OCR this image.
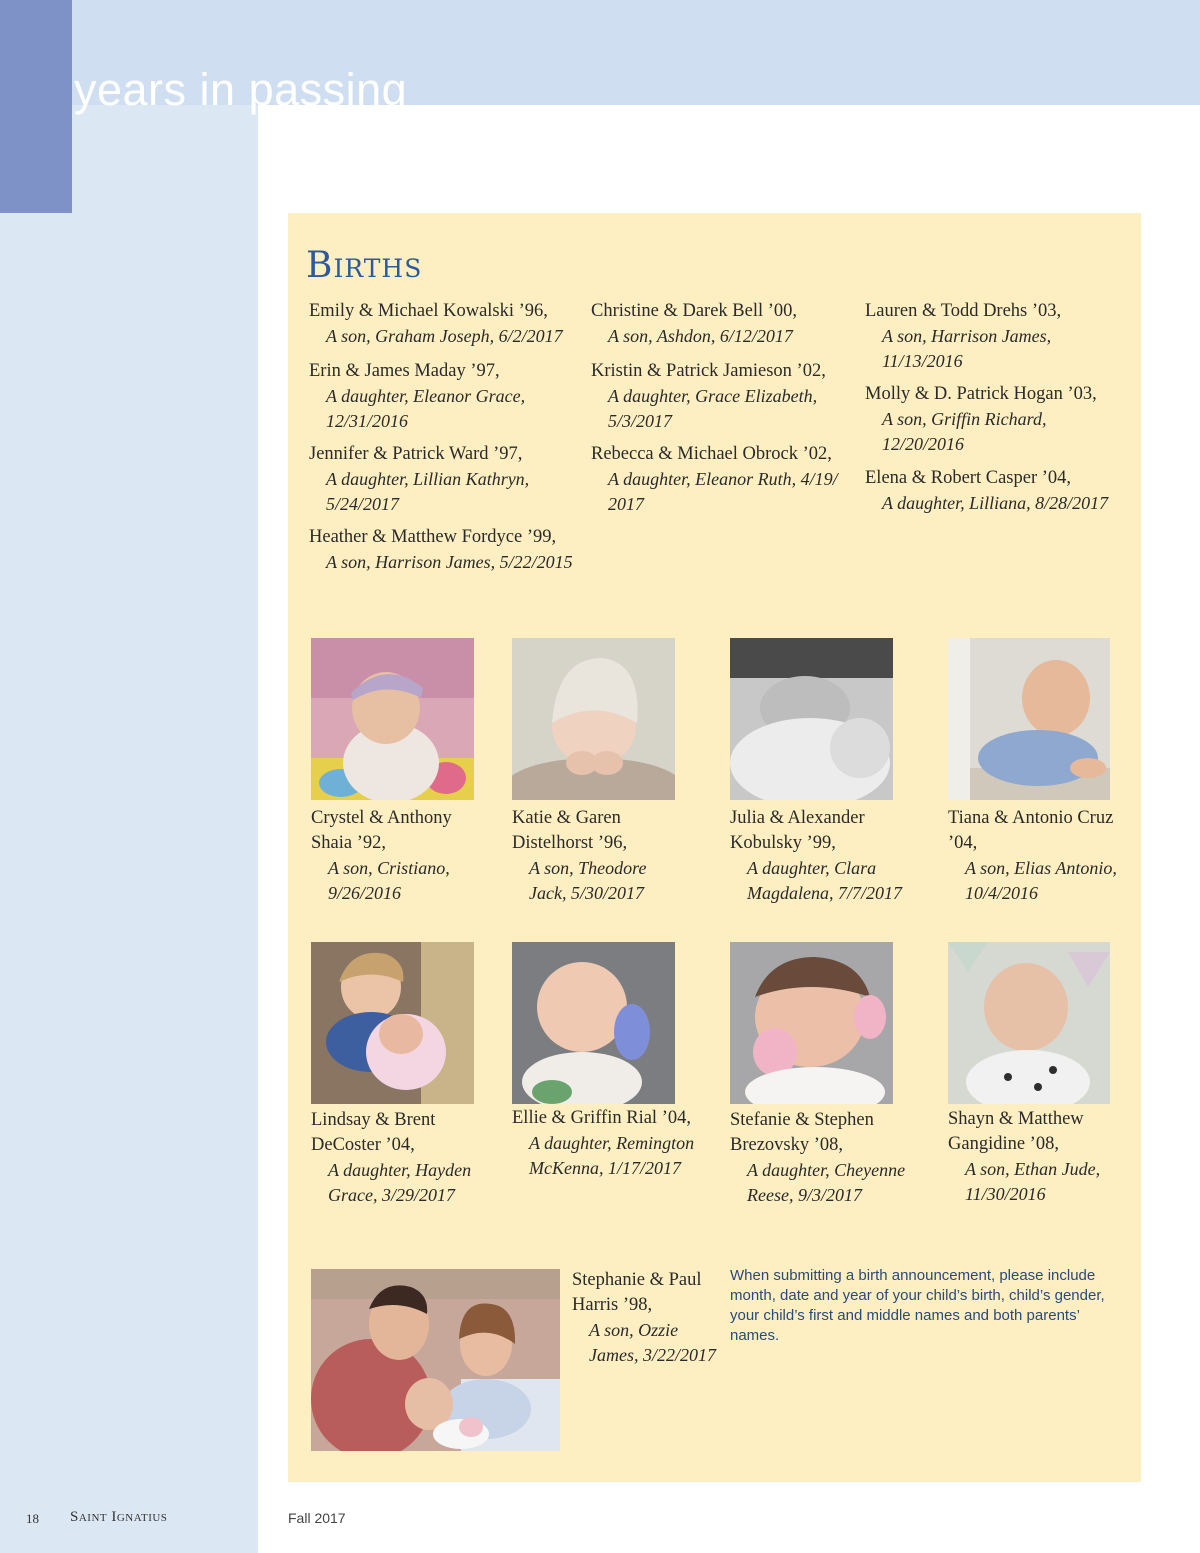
years in passing
Births
Emily & Michael Kowalski ’96,
A son, Graham Joseph, 6/2/2017
Erin & James Maday ’97,
A daughter, Eleanor Grace, 12/31/2016
Jennifer & Patrick Ward ’97,
A daughter, Lillian Kathryn, 5/24/2017
Heather & Matthew Fordyce ’99,
A son, Harrison James, 5/22/2015
Christine & Darek Bell ’00,
A son, Ashdon, 6/12/2017
Kristin & Patrick Jamieson ’02,
A daughter, Grace Elizabeth, 5/3/2017
Rebecca & Michael Obrock ’02,
A daughter, Eleanor Ruth, 4/19/ 2017
Lauren & Todd Drehs ’03,
A son, Harrison James, 11/13/2016
Molly & D. Patrick Hogan ’03,
A son, Griffin Richard, 12/20/2016
Elena & Robert Casper ’04,
A daughter, Lilliana, 8/28/2017
Crystel & Anthony Shaia ’92,
A son, Cristiano, 9/26/2016
Katie & Garen Distelhorst ’96,
A son, Theodore Jack, 5/30/2017
Julia & Alexander Kobulsky ’99,
A daughter, Clara Magdalena, 7/7/2017
Tiana & Antonio Cruz ’04,
A son, Elias Antonio, 10/4/2016
Lindsay & Brent DeCoster ’04,
A daughter, Hayden Grace, 3/29/2017
Ellie & Griffin Rial ’04,
A daughter, Remington McKenna, 1/17/2017
Stefanie & Stephen Brezovsky ’08,
A daughter, Cheyenne Reese, 9/3/2017
Shayn & Matthew Gangidine ’08,
A son, Ethan Jude, 11/30/2016
Stephanie & Paul Harris ’98,
A son, Ozzie James, 3/22/2017

When submitting a birth announcement, please include month, date and year of your child’s birth, child’s gender, your child’s first and middle names and both parents’ names.

18 Saint Ignatius	Fall 2017
